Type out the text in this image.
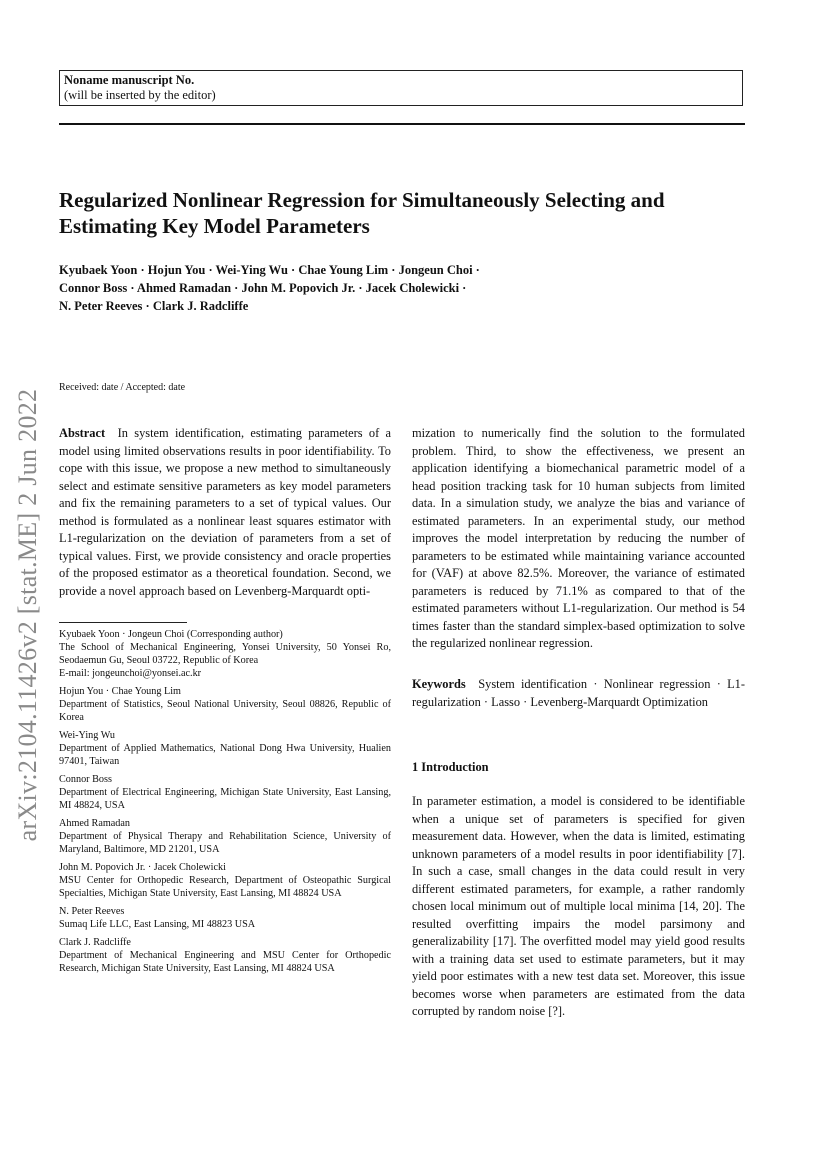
Noname manuscript No.
(will be inserted by the editor)
Regularized Nonlinear Regression for Simultaneously Selecting and Estimating Key Model Parameters
Kyubaek Yoon · Hojun You · Wei-Ying Wu · Chae Young Lim · Jongeun Choi ·
Connor Boss · Ahmed Ramadan · John M. Popovich Jr. · Jacek Cholewicki ·
N. Peter Reeves · Clark J. Radcliffe
arXiv:2104.11426v2 [stat.ME] 2 Jun 2022
Received: date / Accepted: date

Abstract In system identification, estimating parameters of a model using limited observations results in poor identifiability. To cope with this issue, we propose a new method to simultaneously select and estimate sensitive parameters as key model parameters and fix the remaining parameters to a set of typical values. Our method is formulated as a nonlinear least squares estimator with L1-regularization on the deviation of parameters from a set of typical values. First, we provide consistency and oracle properties of the proposed estimator as a theoretical foundation. Second, we provide a novel approach based on Levenberg-Marquardt opti-

mization to numerically find the solution to the formulated problem. Third, to show the effectiveness, we present an application identifying a biomechanical parametric model of a head position tracking task for 10 human subjects from limited data. In a simulation study, we analyze the bias and variance of estimated parameters. In an experimental study, our method improves the model interpretation by reducing the number of parameters to be estimated while maintaining variance accounted for (VAF) at above 82.5%. Moreover, the variance of estimated parameters is reduced by 71.1% as compared to that of the estimated parameters without L1-regularization. Our method is 54 times faster than the standard simplex-based optimization to solve the regularized nonlinear regression.

Keywords System identification · Nonlinear regression · L1-regularization · Lasso · Levenberg-Marquardt Optimization

1 Introduction

In parameter estimation, a model is considered to be identifiable when a unique set of parameters is specified for given measurement data. However, when the data is limited, estimating unknown parameters of a model results in poor identifiability [7]. In such a case, small changes in the data could result in very different estimated parameters, for example, a rather randomly chosen local minimum out of multiple local minima [14, 20]. The resulted overfitting impairs the model parsimony and generalizability [17]. The overfitted model may yield good results with a training data set used to estimate parameters, but it may yield poor estimates with a new test data set. Moreover, this issue becomes worse when parameters are estimated from the data corrupted by random noise [?].

Kyubaek Yoon · Jongeun Choi (Corresponding author)
The School of Mechanical Engineering, Yonsei University, 50 Yonsei Ro, Seodaemun Gu, Seoul 03722, Republic of Korea
E-mail: jongeunchoi@yonsei.ac.kr
Hojun You · Chae Young Lim
Department of Statistics, Seoul National University, Seoul 08826, Republic of Korea
Wei-Ying Wu
Department of Applied Mathematics, National Dong Hwa University, Hualien 97401, Taiwan
Connor Boss
Department of Electrical Engineering, Michigan State University, East Lansing, MI 48824, USA
Ahmed Ramadan
Department of Physical Therapy and Rehabilitation Science, University of Maryland, Baltimore, MD 21201, USA
John M. Popovich Jr. · Jacek Cholewicki
MSU Center for Orthopedic Research, Department of Osteopathic Surgical Specialties, Michigan State University, East Lansing, MI 48824 USA
N. Peter Reeves
Sumaq Life LLC, East Lansing, MI 48823 USA
Clark J. Radcliffe
Department of Mechanical Engineering and MSU Center for Orthopedic Research, Michigan State University, East Lansing, MI 48824 USA
